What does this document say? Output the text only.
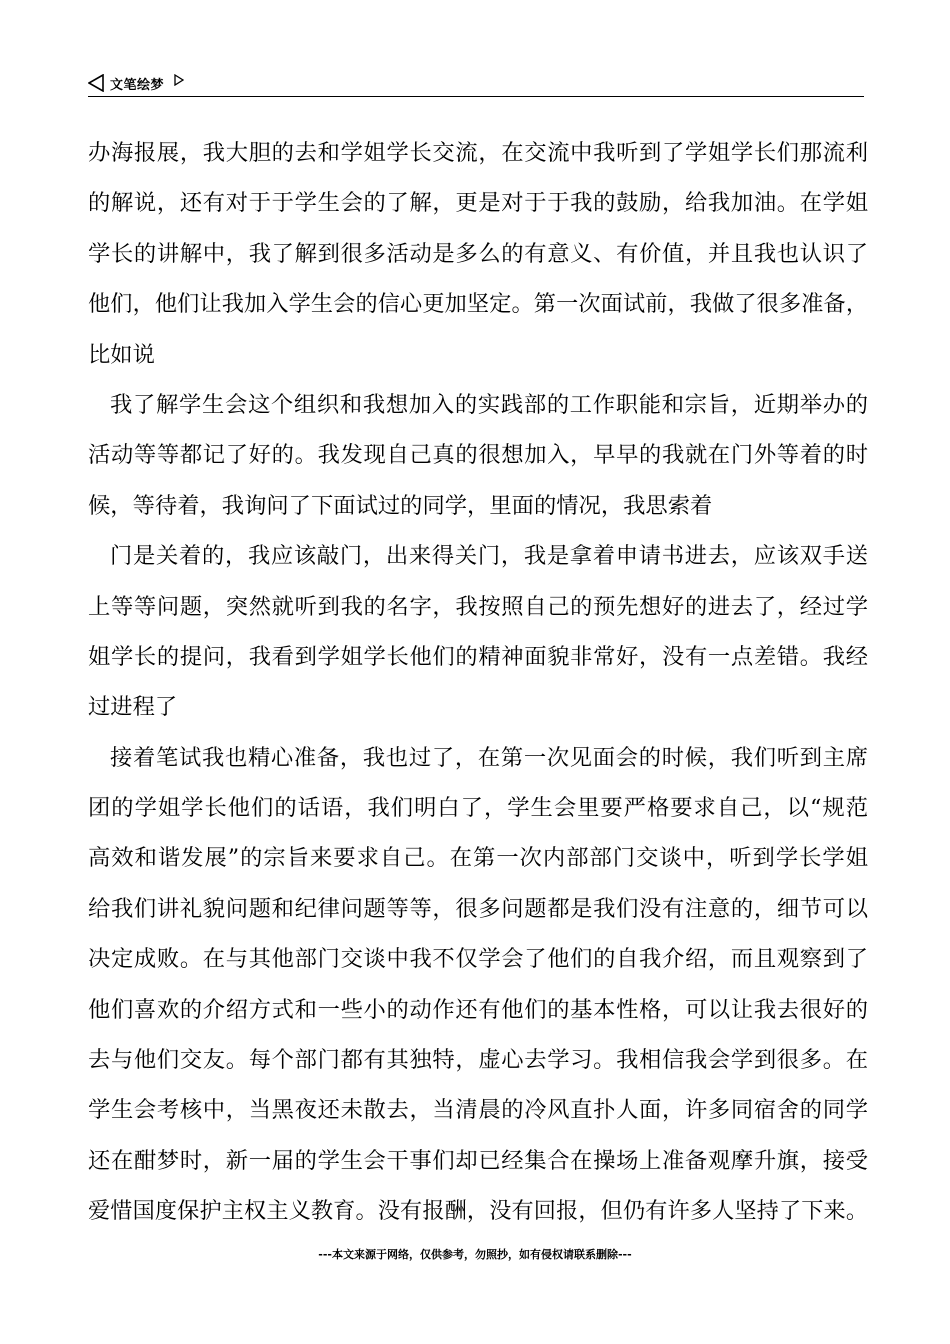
文笔绘梦
办海报展，我大胆的去和学姐学长交流，在交流中我听到了学姐学长们那流利
的解说，还有对于于学生会的了解，更是对于于我的鼓励，给我加油。在学姐
学长的讲解中，我了解到很多活动是多么的有意义、有价值，并且我也认识了
他们，他们让我加入学生会的信心更加坚定。第一次面试前，我做了很多准备，
比如说
我了解学生会这个组织和我想加入的实践部的工作职能和宗旨，近期举办的
活动等等都记了好的。我发现自己真的很想加入，早早的我就在门外等着的时
候，等待着，我询问了下面试过的同学，里面的情况，我思索着
门是关着的，我应该敲门，出来得关门，我是拿着申请书进去，应该双手送
上等等问题，突然就听到我的名字，我按照自己的预先想好的进去了，经过学
姐学长的提问，我看到学姐学长他们的精神面貌非常好，没有一点差错。我经
过进程了
接着笔试我也精心准备，我也过了，在第一次见面会的时候，我们听到主席
团的学姐学长他们的话语，我们明白了，学生会里要严格要求自己，以“规范
高效和谐发展”的宗旨来要求自己。在第一次内部部门交谈中，听到学长学姐
给我们讲礼貌问题和纪律问题等等，很多问题都是我们没有注意的，细节可以
决定成败。在与其他部门交谈中我不仅学会了他们的自我介绍，而且观察到了
他们喜欢的介绍方式和一些小的动作还有他们的基本性格，可以让我去很好的
去与他们交友。每个部门都有其独特，虚心去学习。我相信我会学到很多。在
学生会考核中，当黑夜还未散去，当清晨的冷风直扑人面，许多同宿舍的同学
还在酣梦时，新一届的学生会干事们却已经集合在操场上准备观摩升旗，接受
爱惜国度保护主权主义教育。没有报酬，没有回报，但仍有许多人坚持了下来。
---本文来源于网络，仅供参考，勿照抄，如有侵权请联系删除---
